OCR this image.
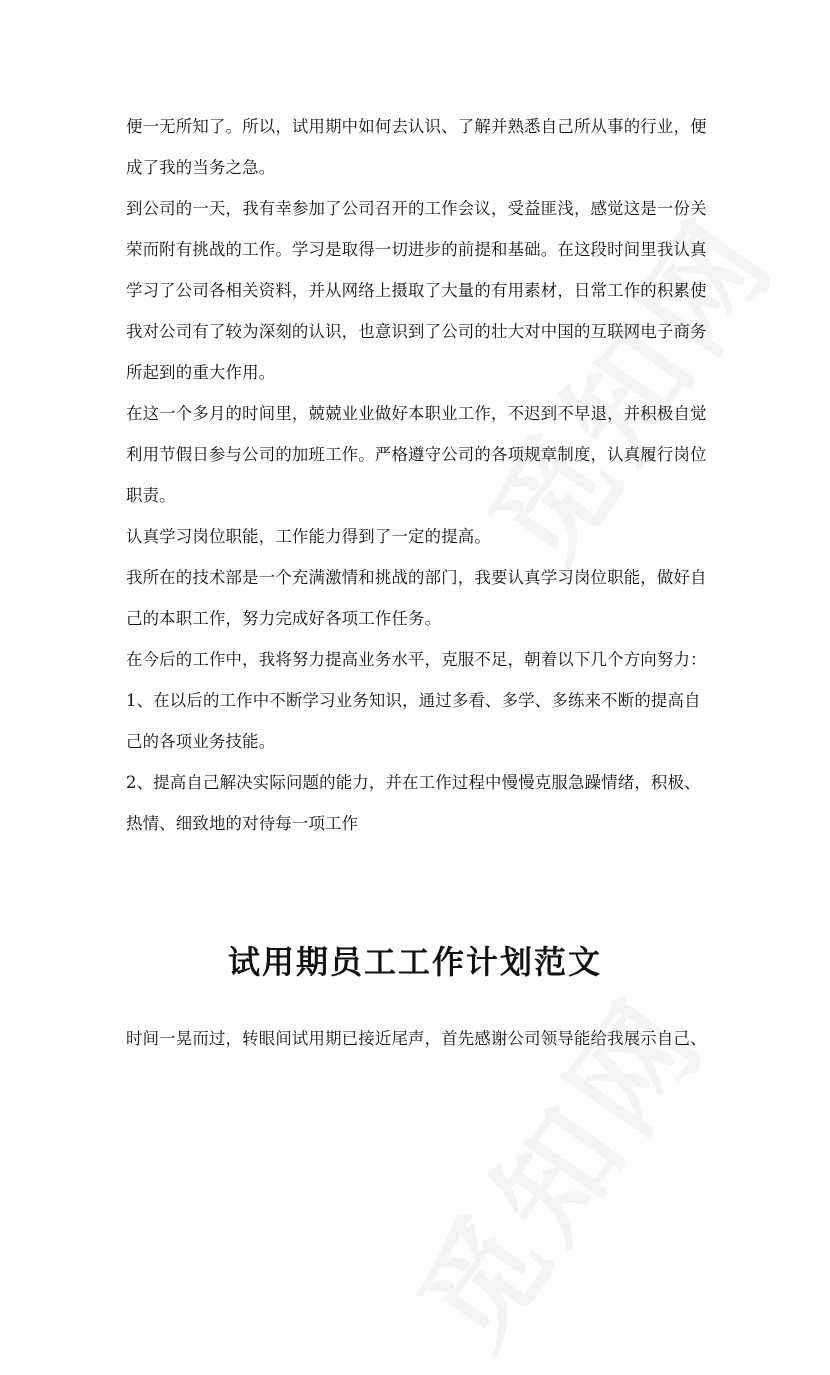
便一无所知了。所以，试用期中如何去认识、了解并熟悉自己所从事的行业，便
成了我的当务之急。
到公司的一天，我有幸参加了公司召开的工作会议，受益匪浅，感觉这是一份关
荣而附有挑战的工作。学习是取得一切进步的前提和基础。在这段时间里我认真
学习了公司各相关资料，并从网络上摄取了大量的有用素材，日常工作的积累使
我对公司有了较为深刻的认识，也意识到了公司的壮大对中国的互联网电子商务
所起到的重大作用。
在这一个多月的时间里，兢兢业业做好本职业工作，不迟到不早退，并积极自觉
利用节假日参与公司的加班工作。严格遵守公司的各项规章制度，认真履行岗位
职责。
认真学习岗位职能，工作能力得到了一定的提高。
我所在的技术部是一个充满激情和挑战的部门，我要认真学习岗位职能，做好自
己的本职工作，努力完成好各项工作任务。
在今后的工作中，我将努力提高业务水平，克服不足，朝着以下几个方向努力：
1、在以后的工作中不断学习业务知识，通过多看、多学、多练来不断的提高自
己的各项业务技能。
2、提高自己解决实际问题的能力，并在工作过程中慢慢克服急躁情绪，积极、
热情、细致地的对待每一项工作
试用期员工工作计划范文
时间一晃而过，转眼间试用期已接近尾声，首先感谢公司领导能给我展示自己、
